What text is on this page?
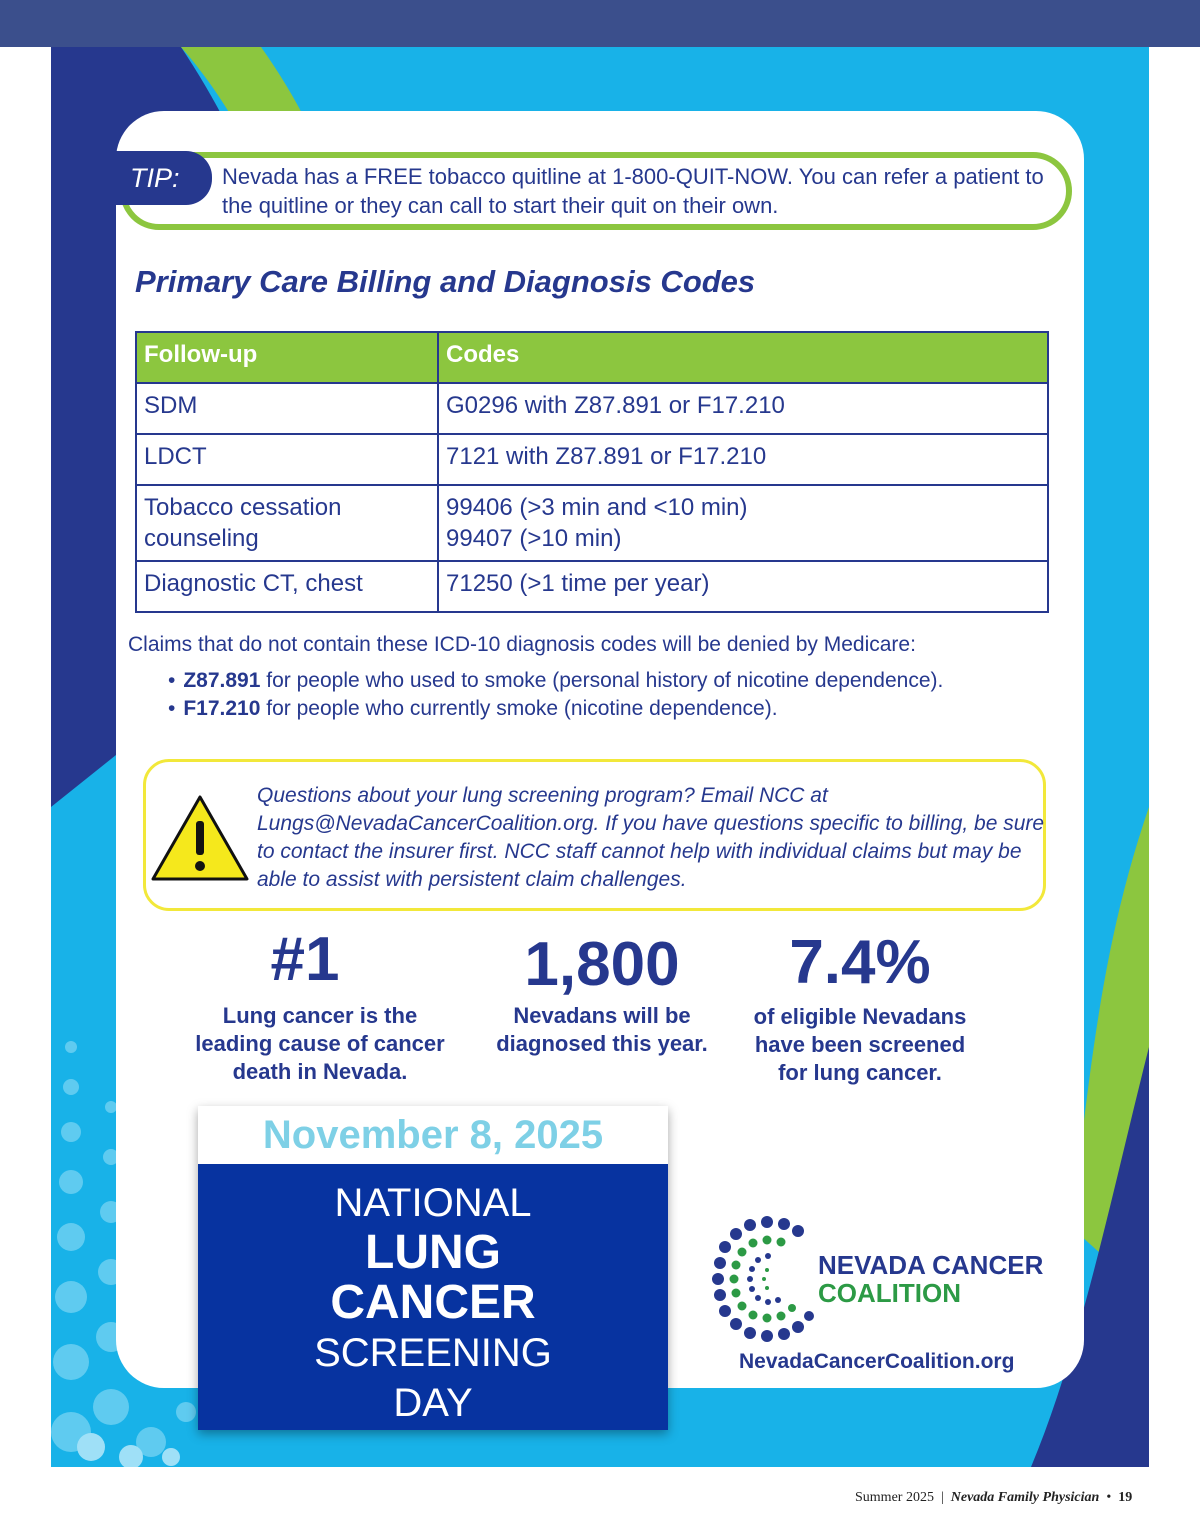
TIP:	Nevada has a FREE tobacco quitline at 1-800-QUIT-NOW. You can refer a patient to the quitline or they can call to start their quit on their own.
Primary Care Billing and Diagnosis Codes
Follow-up	Codes
SDM	G0296 with Z87.891 or F17.210
LDCT	7121 with Z87.891 or F17.210
Tobacco cessation counseling	99406 (>3 min and <10 min)
99407 (>10 min)

Diagnostic CT, chest	71250 (>1 time per year)
Claims that do not contain these ICD-10 diagnosis codes will be denied by Medicare:
• Z87.891 for people who used to smoke (personal history of nicotine dependence).
• F17.210 for people who currently smoke (nicotine dependence).
Questions about your lung screening program? Email NCC at Lungs@NevadaCancerCoalition.org. If you have questions specific to billing, be sure to contact the insurer first. NCC staff cannot help with individual claims but may be able to assist with persistent claim challenges.
#1
Lung cancer is the
leading cause of cancer
death in Nevada.
1,800
Nevadans will be
diagnosed this year.
7.4%
of eligible Nevadans
have been screened
for lung cancer.
November 8, 2025
NATIONAL
LUNG
CANCER
SCREENING
DAY
NEVADA CANCER
COALITION
NevadaCancerCoalition.org
Summer 2025  |  Nevada Family Physician  •  19
